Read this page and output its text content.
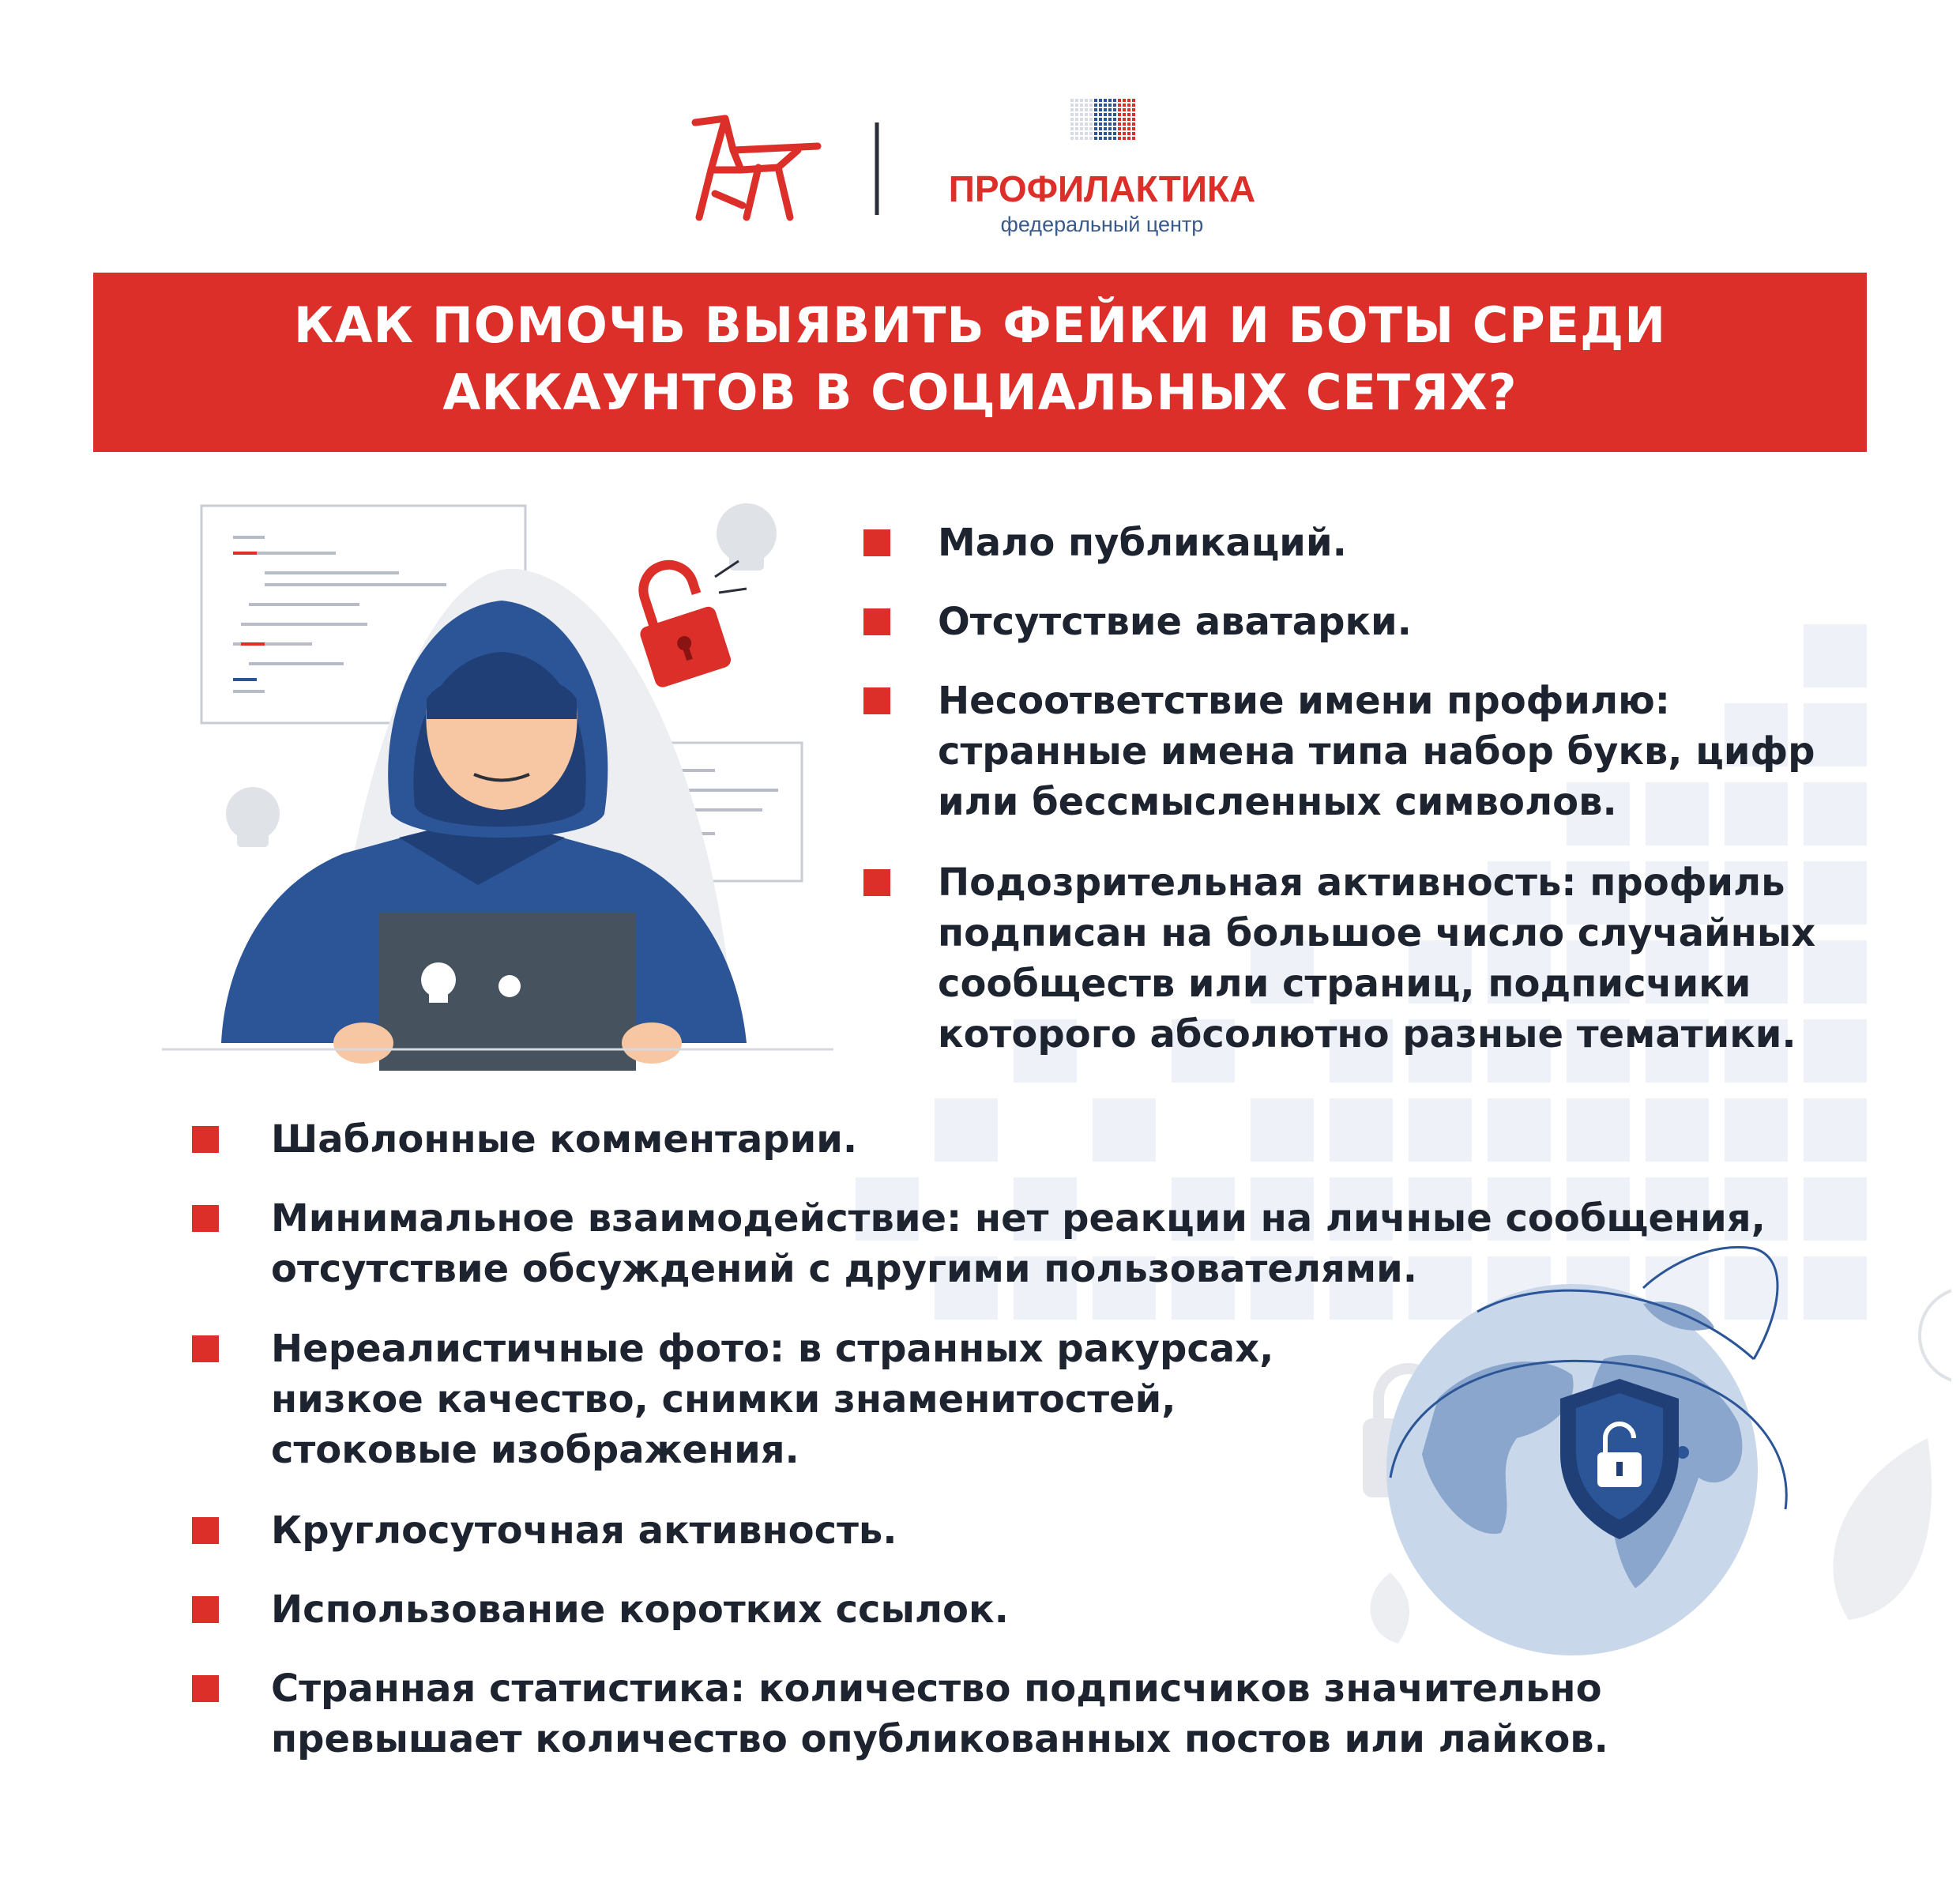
ПРОФИЛАКТИКА
федеральный центр
КАК ПОМОЧЬ ВЫЯВИТЬ ФЕЙКИ И БОТЫ СРЕДИ
АККАУНТОВ В СОЦИАЛЬНЫХ СЕТЯХ?
Мало публикаций.
Отсутствие аватарки.
Несоответствие имени профилю:
странные имена типа набор букв, цифр
или бессмысленных символов.
Подозрительная активность: профиль
подписан на большое число случайных
сообществ или страниц, подписчики
которого абсолютно разные тематики.
Шаблонные комментарии.
Минимальное взаимодействие: нет реакции на личные сообщения,
отсутствие обсуждений с другими пользователями.
Нереалистичные фото: в странных ракурсах,
низкое качество, снимки знаменитостей,
стоковые изображения.
Круглосуточная активность.
Использование коротких ссылок.
Странная статистика: количество подписчиков значительно
превышает количество опубликованных постов или лайков.
